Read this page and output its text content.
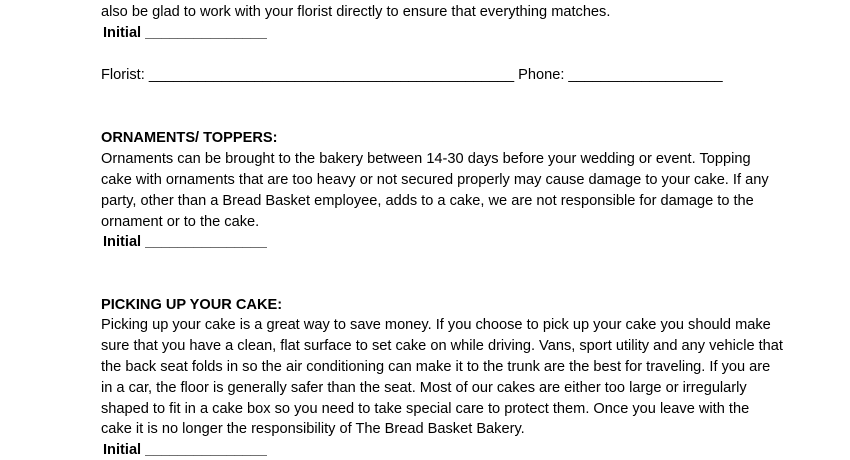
also be glad to work with your florist directly to ensure that everything matches.
Initial _______________
Florist: _____________________________________________ Phone: ___________________
ORNAMENTS/ TOPPERS:
Ornaments can be brought to the bakery between 14-30 days before your wedding or event. Topping
cake with ornaments that are too heavy or not secured properly may cause damage to your cake. If any
party, other than a Bread Basket employee, adds to a cake, we are not responsible for damage to the
ornament or to the cake.
Initial _______________
PICKING UP YOUR CAKE:
Picking up your cake is a great way to save money. If you choose to pick up your cake you should make
sure that you have a clean, flat surface to set cake on while driving. Vans, sport utility and any vehicle that
the back seat folds in so the air conditioning can make it to the trunk are the best for traveling. If you are
in a car, the floor is generally safer than the seat. Most of our cakes are either too large or irregularly
shaped to fit in a cake box so you need to take special care to protect them. Once you leave with the
cake it is no longer the responsibility of The Bread Basket Bakery.
Initial _______________
